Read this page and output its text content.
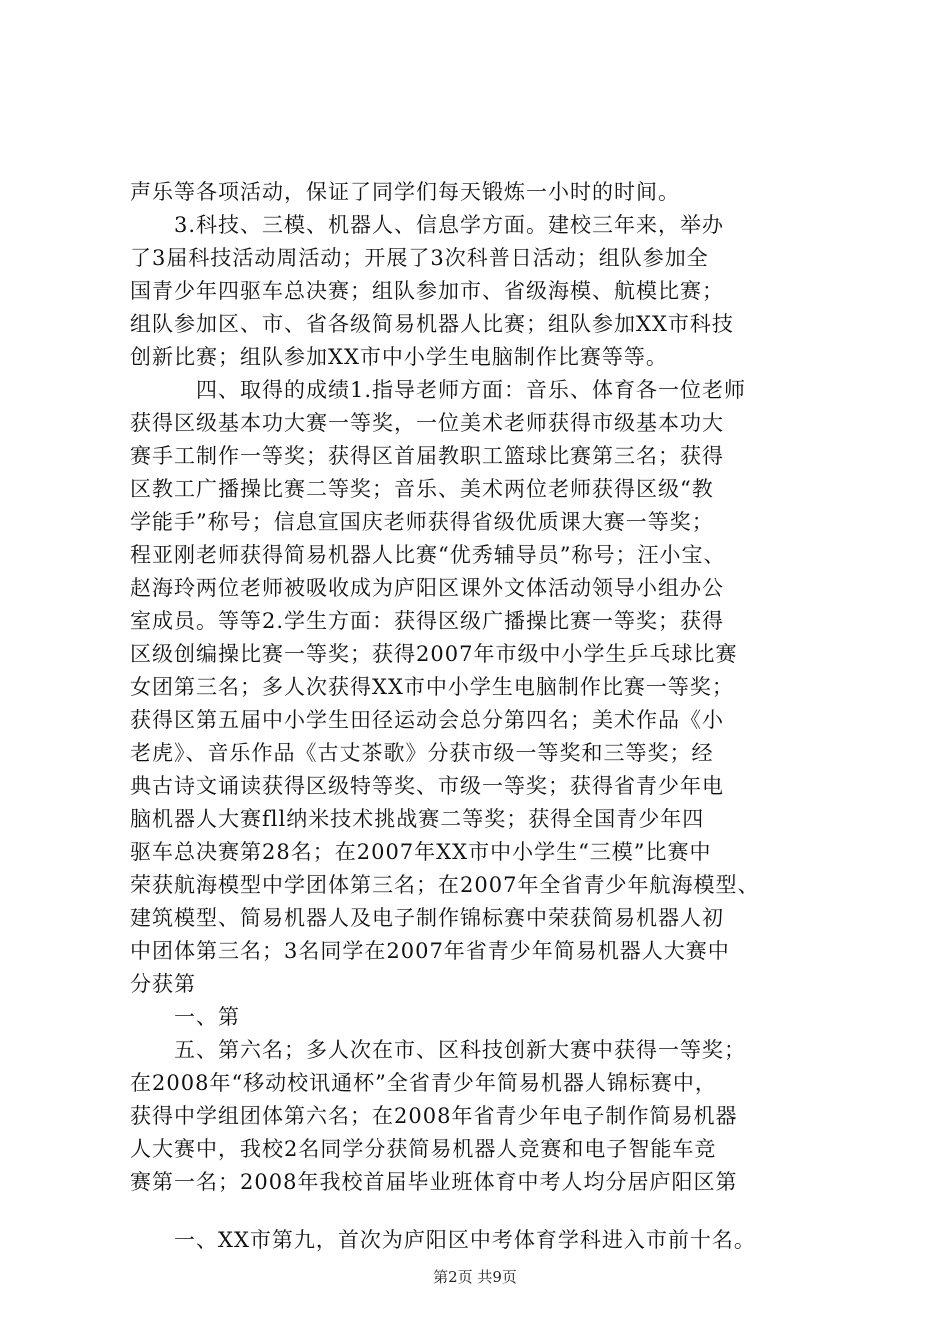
声乐等各项活动，保证了同学们每天锻炼一小时的时间。
　　3.科技、三模、机器人、信息学方面。建校三年来，举办
了3届科技活动周活动；开展了3次科普日活动；组队参加全
国青少年四驱车总决赛；组队参加市、省级海模、航模比赛；
组队参加区、市、省各级简易机器人比赛；组队参加XX市科技
创新比赛；组队参加XX市中小学生电脑制作比赛等等。
　　　四、取得的成绩1.指导老师方面：音乐、体育各一位老师
获得区级基本功大赛一等奖，一位美术老师获得市级基本功大
赛手工制作一等奖；获得区首届教职工篮球比赛第三名；获得
区教工广播操比赛二等奖；音乐、美术两位老师获得区级“教
学能手”称号；信息宣国庆老师获得省级优质课大赛一等奖；
程亚刚老师获得简易机器人比赛“优秀辅导员”称号；汪小宝、
赵海玲两位老师被吸收成为庐阳区课外文体活动领导小组办公
室成员。等等2.学生方面：获得区级广播操比赛一等奖；获得
区级创编操比赛一等奖；获得2007年市级中小学生乒乓球比赛
女团第三名；多人次获得XX市中小学生电脑制作比赛一等奖；
获得区第五届中小学生田径运动会总分第四名；美术作品《小
老虎》、音乐作品《古丈茶歌》分获市级一等奖和三等奖；经
典古诗文诵读获得区级特等奖、市级一等奖；获得省青少年电
脑机器人大赛fll纳米技术挑战赛二等奖；获得全国青少年四
驱车总决赛第28名；在2007年XX市中小学生“三模”比赛中
荣获航海模型中学团体第三名；在2007年全省青少年航海模型、
建筑模型、简易机器人及电子制作锦标赛中荣获简易机器人初
中团体第三名；3名同学在2007年省青少年简易机器人大赛中
分获第
　　一、第
　　五、第六名；多人次在市、区科技创新大赛中获得一等奖；
在2008年“移动校讯通杯”全省青少年简易机器人锦标赛中，
获得中学组团体第六名；在2008年省青少年电子制作简易机器
人大赛中，我校2名同学分获简易机器人竞赛和电子智能车竞
赛第一名；2008年我校首届毕业班体育中考人均分居庐阳区第
　　一、XX市第九，首次为庐阳区中考体育学科进入市前十名。
第2页 共9页
